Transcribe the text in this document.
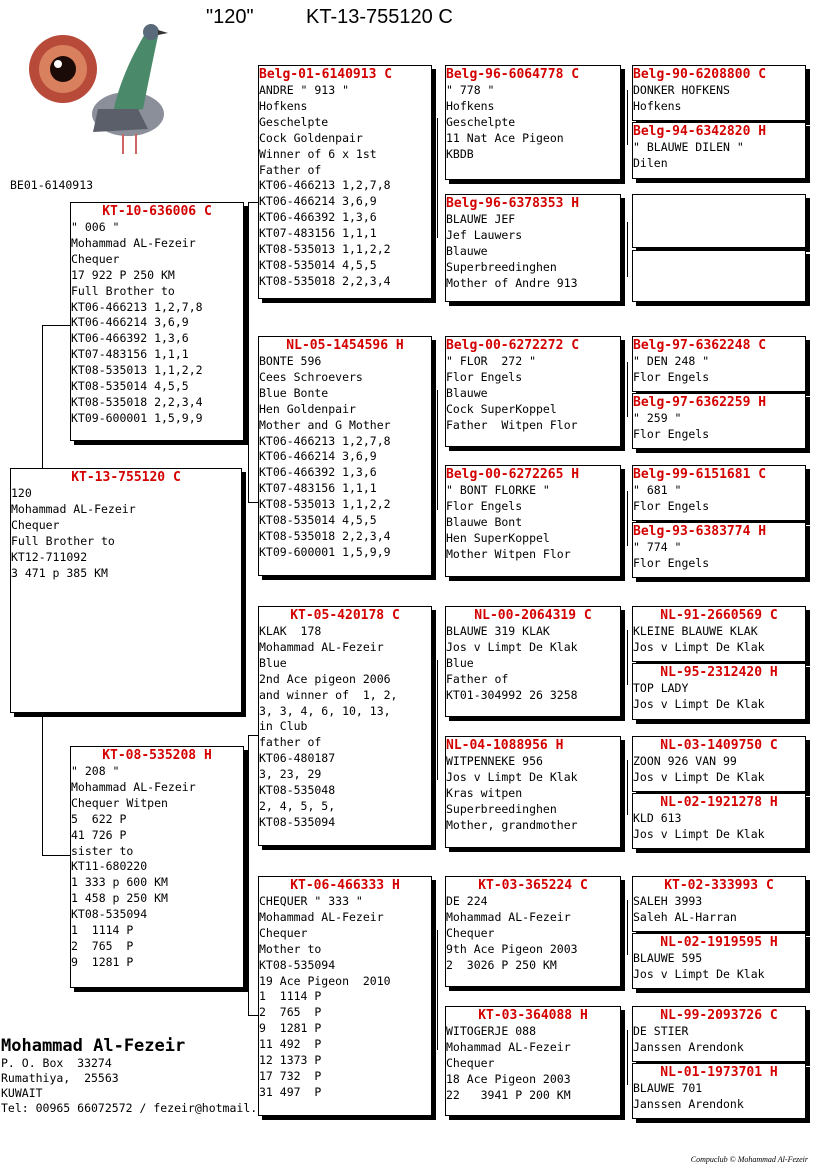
"120"	KT-13-755120 C
BE01-6140913
KT-13-755120 C
120
Mohammad AL-Fezeir
Chequer
Full Brother to
KT12-711092
3 471 p 385 KM
KT-10-636006 C
" 006 "
Mohammad AL-Fezeir
Chequer
17 922 P 250 KM
Full Brother to
KT06-466213 1,2,7,8
KT06-466214 3,6,9
KT06-466392 1,3,6
KT07-483156 1,1,1
KT08-535013 1,1,2,2
KT08-535014 4,5,5
KT08-535018 2,2,3,4
KT09-600001 1,5,9,9
KT-08-535208 H
" 208 "
Mohammad AL-Fezeir
Chequer Witpen
5  622 P
41 726 P
sister to
KT11-680220
1 333 p 600 KM
1 458 p 250 KM
KT08-535094
1  1114 P
2  765  P
9  1281 P
Belg-01-6140913 C
ANDRE " 913 "
Hofkens
Geschelpte
Cock Goldenpair
Winner of 6 x 1st
Father of
KT06-466213 1,2,7,8
KT06-466214 3,6,9
KT06-466392 1,3,6
KT07-483156 1,1,1
KT08-535013 1,1,2,2
KT08-535014 4,5,5
KT08-535018 2,2,3,4
NL-05-1454596 H
BONTE 596
Cees Schroevers
Blue Bonte
Hen Goldenpair
Mother and G Mother
KT06-466213 1,2,7,8
KT06-466214 3,6,9
KT06-466392 1,3,6
KT07-483156 1,1,1
KT08-535013 1,1,2,2
KT08-535014 4,5,5
KT08-535018 2,2,3,4
KT09-600001 1,5,9,9
KT-05-420178 C
KLAK  178
Mohammad AL-Fezeir
Blue
2nd Ace pigeon 2006
and winner of  1, 2,
3, 3, 4, 6, 10, 13,
in Club
father of
KT06-480187
3, 23, 29
KT08-535048
2, 4, 5, 5,
KT08-535094
KT-06-466333 H
CHEQUER " 333 "
Mohammad AL-Fezeir
Chequer
Mother to
KT08-535094
19 Ace Pigeon  2010
1  1114 P
2  765  P
9  1281 P
11 492  P
12 1373 P
17 732  P
31 497  P
Belg-96-6064778 C
" 778 "
Hofkens
Geschelpte
11 Nat Ace Pigeon
KBDB
Belg-96-6378353 H
BLAUWE JEF
Jef Lauwers
Blauwe
Superbreedinghen
Mother of Andre 913
Belg-00-6272272 C
" FLOR  272 "
Flor Engels
Blauwe
Cock SuperKoppel
Father  Witpen Flor
Belg-00-6272265 H
" BONT FLORKE "
Flor Engels
Blauwe Bont
Hen SuperKoppel
Mother Witpen Flor
NL-00-2064319 C
BLAUWE 319 KLAK
Jos v Limpt De Klak
Blue
Father of
KT01-304992 26 3258
NL-04-1088956 H
WITPENNEKE 956
Jos v Limpt De Klak
Kras witpen
Superbreedinghen
Mother, grandmother
KT-03-365224 C
DE 224
Mohammad AL-Fezeir
Chequer
9th Ace Pigeon 2003
2  3026 P 250 KM
KT-03-364088 H
WITOGERJE 088
Mohammad AL-Fezeir
Chequer
18 Ace Pigeon 2003
22   3941 P 200 KM
Belg-90-6208800 C
DONKER HOFKENS
Hofkens
Belg-94-6342820 H
" BLAUWE DILEN "
Dilen
Belg-97-6362248 C
" DEN 248 "
Flor Engels
Belg-97-6362259 H
" 259 "
Flor Engels
Belg-99-6151681 C
" 681 "
Flor Engels
Belg-93-6383774 H
" 774 "
Flor Engels
NL-91-2660569 C
KLEINE BLAUWE KLAK
Jos v Limpt De Klak
NL-95-2312420 H
TOP LADY
Jos v Limpt De Klak
NL-03-1409750 C
ZOON 926 VAN 99
Jos v Limpt De Klak
NL-02-1921278 H
KLD 613
Jos v Limpt De Klak
KT-02-333993 C
SALEH 3993
Saleh AL-Harran
NL-02-1919595 H
BLAUWE 595
Jos v Limpt De Klak
NL-99-2093726 C
DE STIER
Janssen Arendonk
NL-01-1973701 H
BLAUWE 701
Janssen Arendonk
Mohammad Al-Fezeir
P. O. Box  33274
Rumathiya,  25563
KUWAIT
Tel: 00965 66072572 / fezeir@hotmail.
Compuclub © Mohammad Al-Fezeir
